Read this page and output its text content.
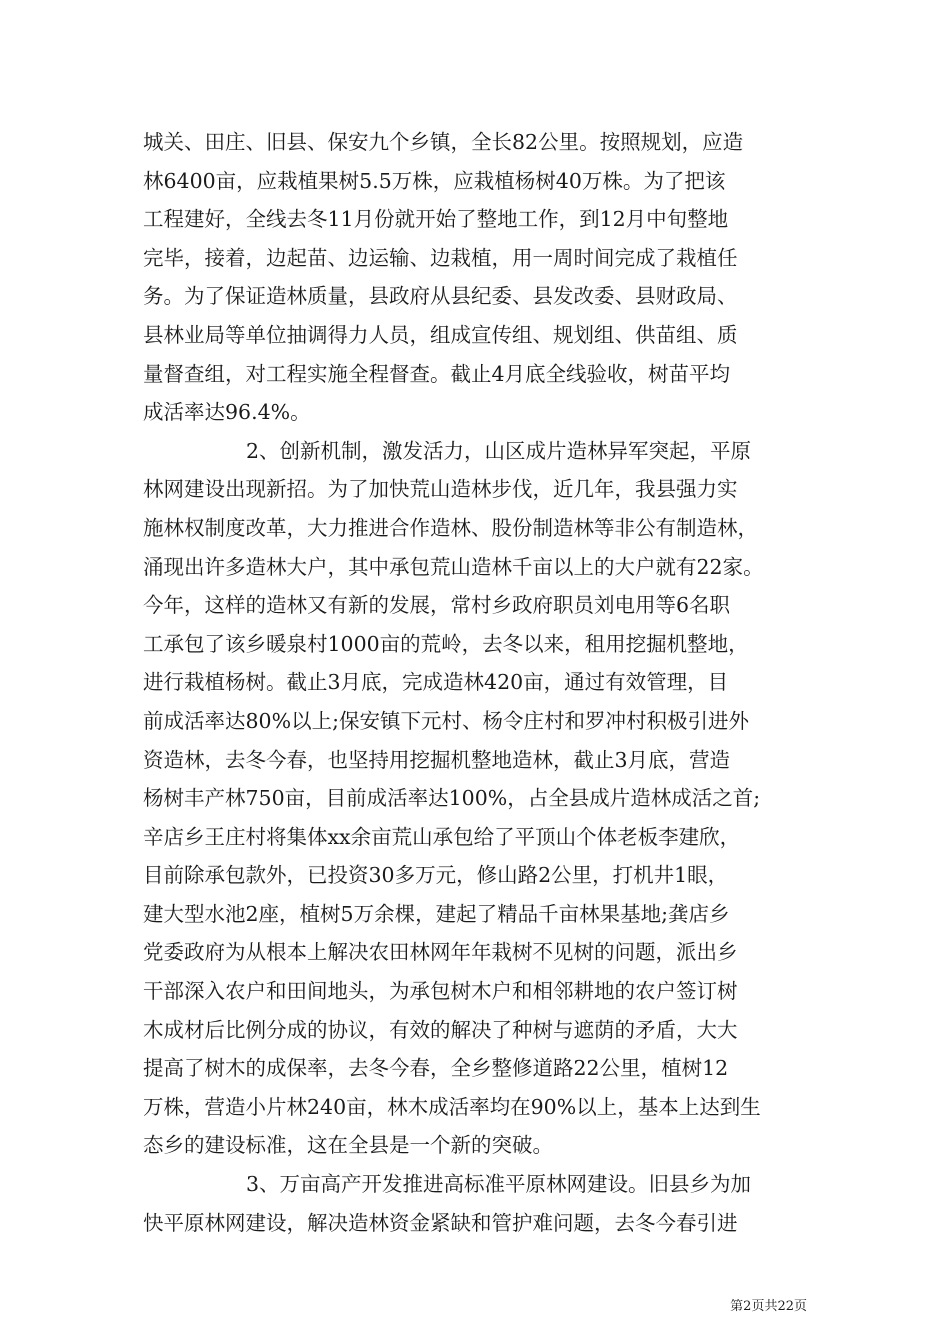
城关、田庄、旧县、保安九个乡镇，全长82公里。按照规划，应造
林6400亩，应栽植果树5.5万株，应栽植杨树40万株。为了把该
工程建好，全线去冬11月份就开始了整地工作，到12月中旬整地
完毕，接着，边起苗、边运输、边栽植，用一周时间完成了栽植任
务。为了保证造林质量，县政府从县纪委、县发改委、县财政局、
县林业局等单位抽调得力人员，组成宣传组、规划组、供苗组、质
量督查组，对工程实施全程督查。截止4月底全线验收，树苗平均
成活率达96.4%。
2、创新机制，激发活力，山区成片造林异军突起，平原
林网建设出现新招。为了加快荒山造林步伐，近几年，我县强力实
施林权制度改革，大力推进合作造林、股份制造林等非公有制造林，
涌现出许多造林大户，其中承包荒山造林千亩以上的大户就有22家。
今年，这样的造林又有新的发展，常村乡政府职员刘电用等6名职
工承包了该乡暖泉村1000亩的荒岭，去冬以来，租用挖掘机整地，
进行栽植杨树。截止3月底，完成造林420亩，通过有效管理，目
前成活率达80%以上;保安镇下元村、杨令庄村和罗冲村积极引进外
资造林，去冬今春，也坚持用挖掘机整地造林，截止3月底，营造
杨树丰产林750亩，目前成活率达100%，占全县成片造林成活之首;
辛店乡王庄村将集体xx余亩荒山承包给了平顶山个体老板李建欣，
目前除承包款外，已投资30多万元，修山路2公里，打机井1眼，
建大型水池2座，植树5万余棵，建起了精品千亩林果基地;龚店乡
党委政府为从根本上解决农田林网年年栽树不见树的问题，派出乡
干部深入农户和田间地头，为承包树木户和相邻耕地的农户签订树
木成材后比例分成的协议，有效的解决了种树与遮荫的矛盾，大大
提高了树木的成保率，去冬今春，全乡整修道路22公里，植树12
万株，营造小片林240亩，林木成活率均在90%以上，基本上达到生
态乡的建设标准，这在全县是一个新的突破。
3、万亩高产开发推进高标准平原林网建设。旧县乡为加
快平原林网建设，解决造林资金紧缺和管护难问题，去冬今春引进
第2页共22页
